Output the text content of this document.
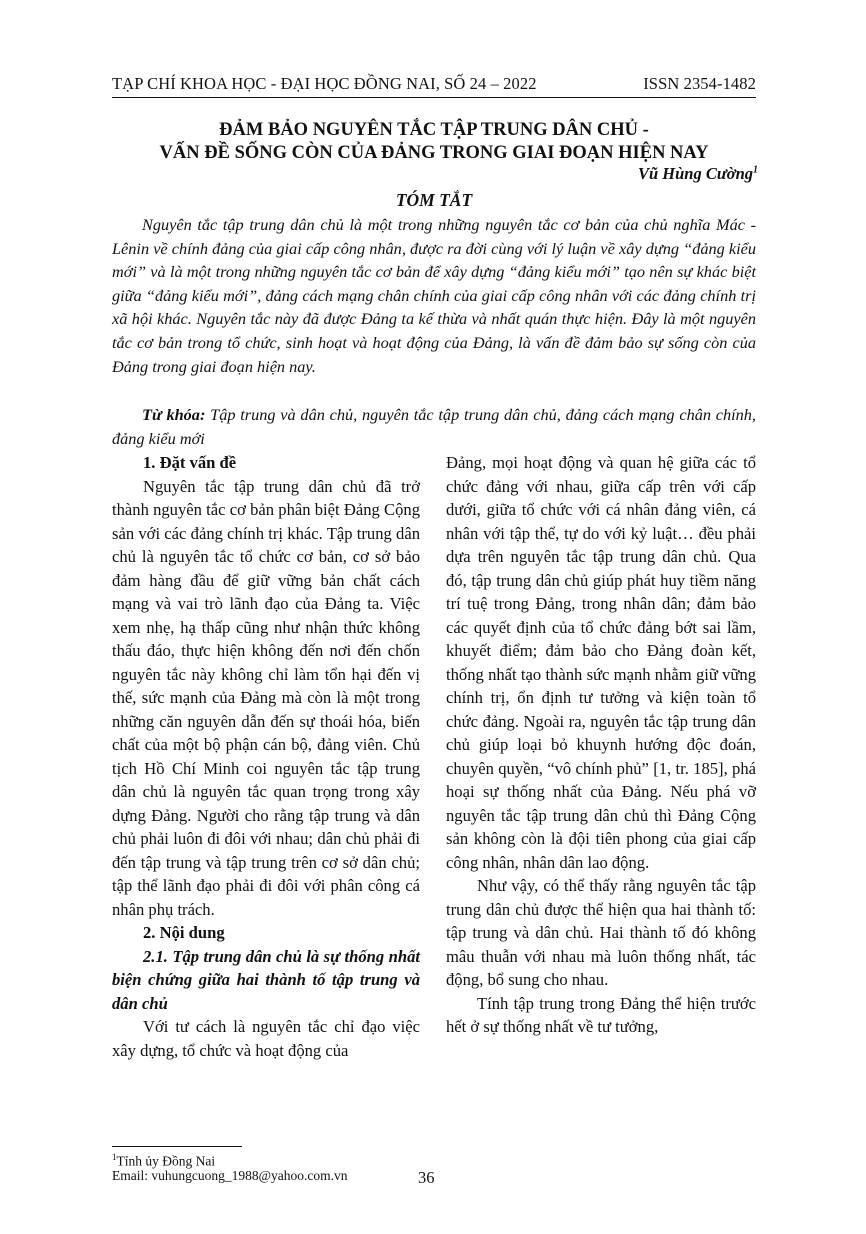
TẠP CHÍ KHOA HỌC - ĐẠI HỌC ĐỒNG NAI, SỐ 24 – 2022	ISSN 2354-1482
ĐẢM BẢO NGUYÊN TẮC TẬP TRUNG DÂN CHỦ -
VẤN ĐỀ SỐNG CÒN CỦA ĐẢNG TRONG GIAI ĐOẠN HIỆN NAY
Vũ Hùng Cường$^1$
TÓM TẮT

Nguyên tắc tập trung dân chủ là một trong những nguyên tắc cơ bản của chủ nghĩa Mác - Lênin về chính đảng của giai cấp công nhân, được ra đời cùng với lý luận về xây dựng “đảng kiểu mới” và là một trong những nguyên tắc cơ bản để xây dựng “đảng kiểu mới” tạo nên sự khác biệt giữa “đảng kiểu mới”, đảng cách mạng chân chính của giai cấp công nhân với các đảng chính trị xã hội khác. Nguyên tắc này đã được Đảng ta kế thừa và nhất quán thực hiện. Đây là một nguyên tắc cơ bản trong tổ chức, sinh hoạt và hoạt động của Đảng, là vấn đề đảm bảo sự sống còn của Đảng trong giai đoạn hiện nay.

Từ khóa: Tập trung và dân chủ, nguyên tắc tập trung dân chủ, đảng cách mạng chân chính, đảng kiểu mới

1. Đặt vấn đề

Nguyên tắc tập trung dân chủ đã trở thành nguyên tắc cơ bản phân biệt Đảng Cộng sản với các đảng chính trị khác. Tập trung dân chủ là nguyên tắc tổ chức cơ bản, cơ sở bảo đảm hàng đầu để giữ vững bản chất cách mạng và vai trò lãnh đạo của Đảng ta. Việc xem nhẹ, hạ thấp cũng như nhận thức không thấu đáo, thực hiện không đến nơi đến chốn nguyên tắc này không chỉ làm tổn hại đến vị thế, sức mạnh của Đảng mà còn là một trong những căn nguyên dẫn đến sự thoái hóa, biến chất của một bộ phận cán bộ, đảng viên. Chủ tịch Hồ Chí Minh coi nguyên tắc tập trung dân chủ là nguyên tắc quan trọng trong xây dựng Đảng. Người cho rằng tập trung và dân chủ phải luôn đi đôi với nhau; dân chủ phải đi đến tập trung và tập trung trên cơ sở dân chủ; tập thể lãnh đạo phải đi đôi với phân công cá nhân phụ trách.

2. Nội dung

2.1. Tập trung dân chủ là sự thống nhất biện chứng giữa hai thành tố tập trung và dân chủ

Với tư cách là nguyên tắc chỉ đạo việc xây dựng, tổ chức và hoạt động của

Đảng, mọi hoạt động và quan hệ giữa các tổ chức đảng với nhau, giữa cấp trên với cấp dưới, giữa tổ chức với cá nhân đảng viên, cá nhân với tập thể, tự do với kỷ luật… đều phải dựa trên nguyên tắc tập trung dân chủ. Qua đó, tập trung dân chủ giúp phát huy tiềm năng trí tuệ trong Đảng, trong nhân dân; đảm bảo các quyết định của tổ chức đảng bớt sai lầm, khuyết điểm; đảm bảo cho Đảng đoàn kết, thống nhất tạo thành sức mạnh nhằm giữ vững chính trị, ổn định tư tưởng và kiện toàn tổ chức đảng. Ngoài ra, nguyên tắc tập trung dân chủ giúp loại bỏ khuynh hướng độc đoán, chuyên quyền, “vô chính phủ” [1, tr. 185], phá hoại sự thống nhất của Đảng. Nếu phá vỡ nguyên tắc tập trung dân chủ thì Đảng Cộng sản không còn là đội tiên phong của giai cấp công nhân, nhân dân lao động.

Như vậy, có thể thấy rằng nguyên tắc tập trung dân chủ được thể hiện qua hai thành tố: tập trung và dân chủ. Hai thành tố đó không mâu thuẫn với nhau mà luôn thống nhất, tác động, bổ sung cho nhau.

Tính tập trung trong Đảng thể hiện trước hết ở sự thống nhất về tư tưởng,

$^1$Tỉnh ủy Đồng Nai
Email: vuhungcuong_1988@yahoo.com.vn	36
